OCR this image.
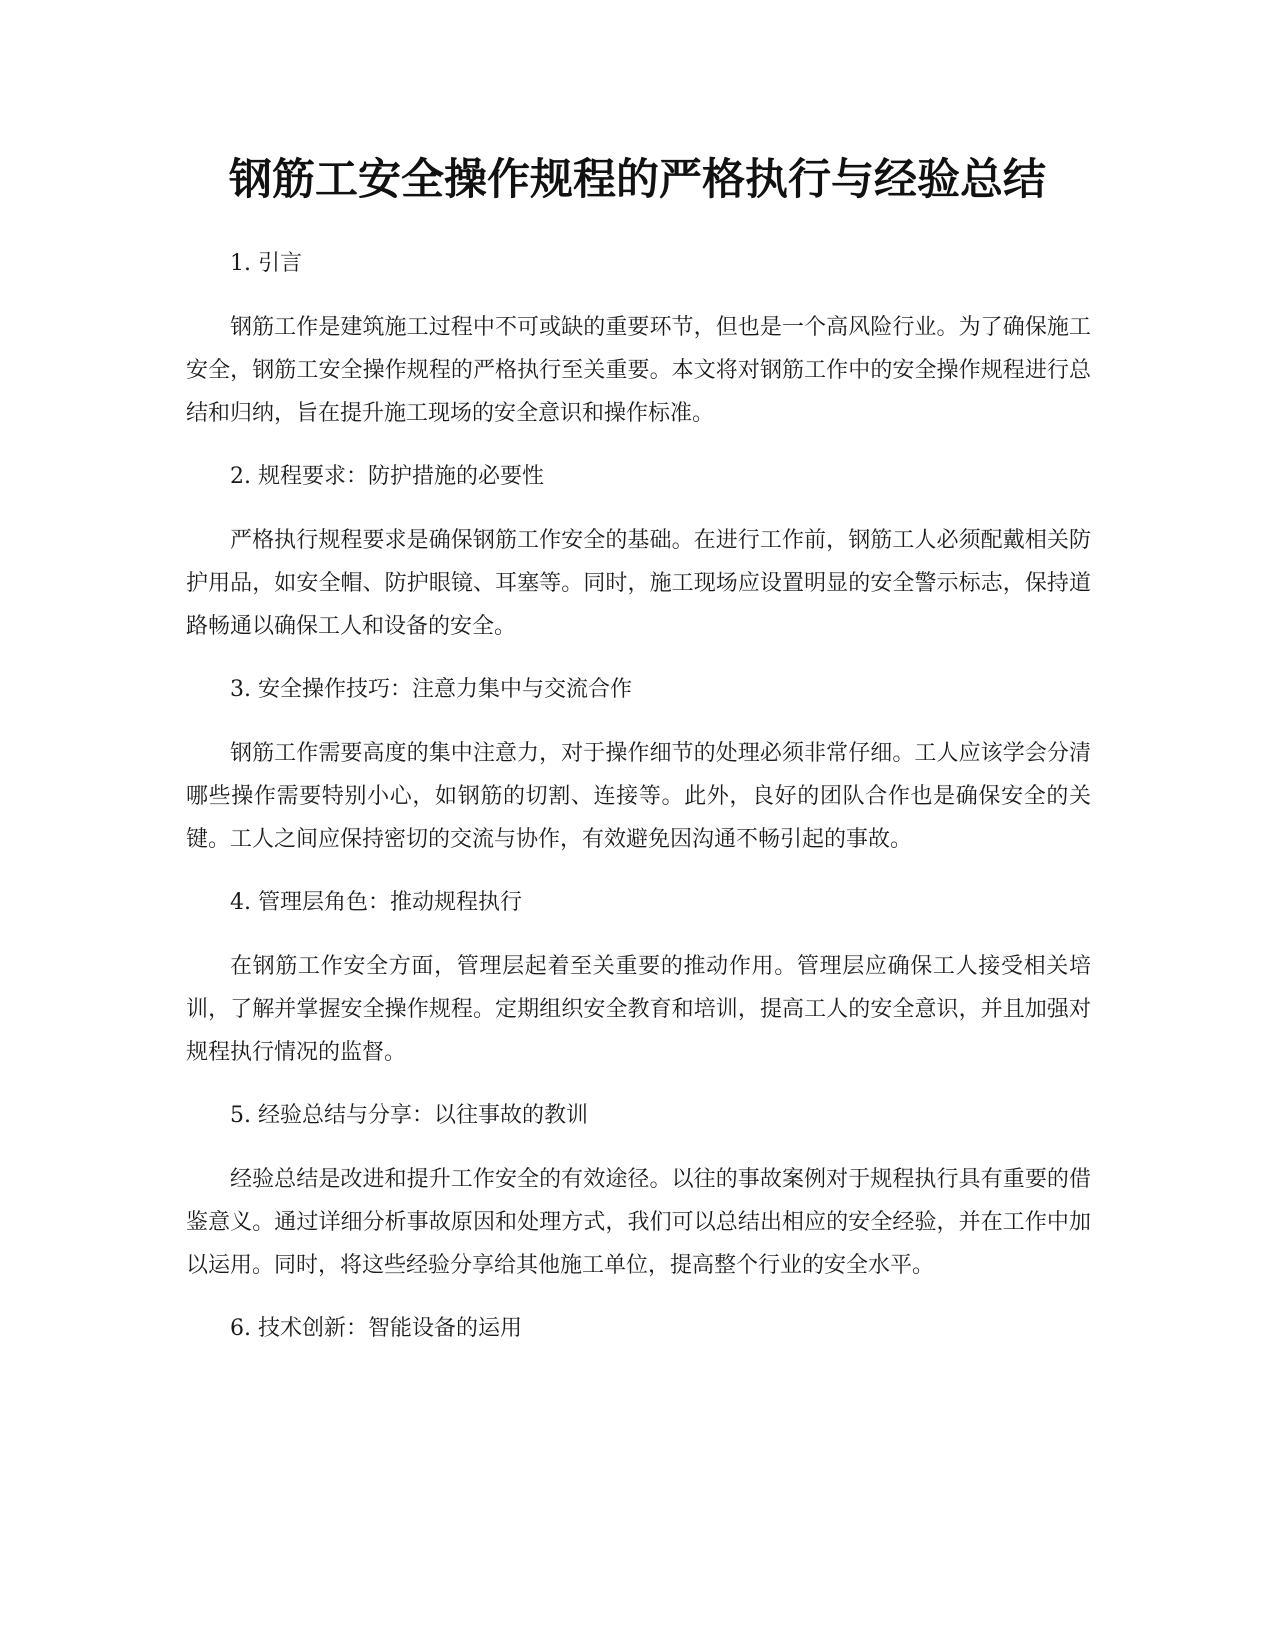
钢筋工安全操作规程的严格执行与经验总结

1. 引言

钢筋工作是建筑施工过程中不可或缺的重要环节，但也是一个高风险行业。为了确保施工安全，钢筋工安全操作规程的严格执行至关重要。本文将对钢筋工作中的安全操作规程进行总结和归纳，旨在提升施工现场的安全意识和操作标准。

2. 规程要求：防护措施的必要性

严格执行规程要求是确保钢筋工作安全的基础。在进行工作前，钢筋工人必须配戴相关防护用品，如安全帽、防护眼镜、耳塞等。同时，施工现场应设置明显的安全警示标志，保持道路畅通以确保工人和设备的安全。

3. 安全操作技巧：注意力集中与交流合作

钢筋工作需要高度的集中注意力，对于操作细节的处理必须非常仔细。工人应该学会分清哪些操作需要特别小心，如钢筋的切割、连接等。此外，良好的团队合作也是确保安全的关键。工人之间应保持密切的交流与协作，有效避免因沟通不畅引起的事故。

4. 管理层角色：推动规程执行

在钢筋工作安全方面，管理层起着至关重要的推动作用。管理层应确保工人接受相关培训，了解并掌握安全操作规程。定期组织安全教育和培训，提高工人的安全意识，并且加强对规程执行情况的监督。

5. 经验总结与分享：以往事故的教训

经验总结是改进和提升工作安全的有效途径。以往的事故案例对于规程执行具有重要的借鉴意义。通过详细分析事故原因和处理方式，我们可以总结出相应的安全经验，并在工作中加以运用。同时，将这些经验分享给其他施工单位，提高整个行业的安全水平。

6. 技术创新：智能设备的运用
